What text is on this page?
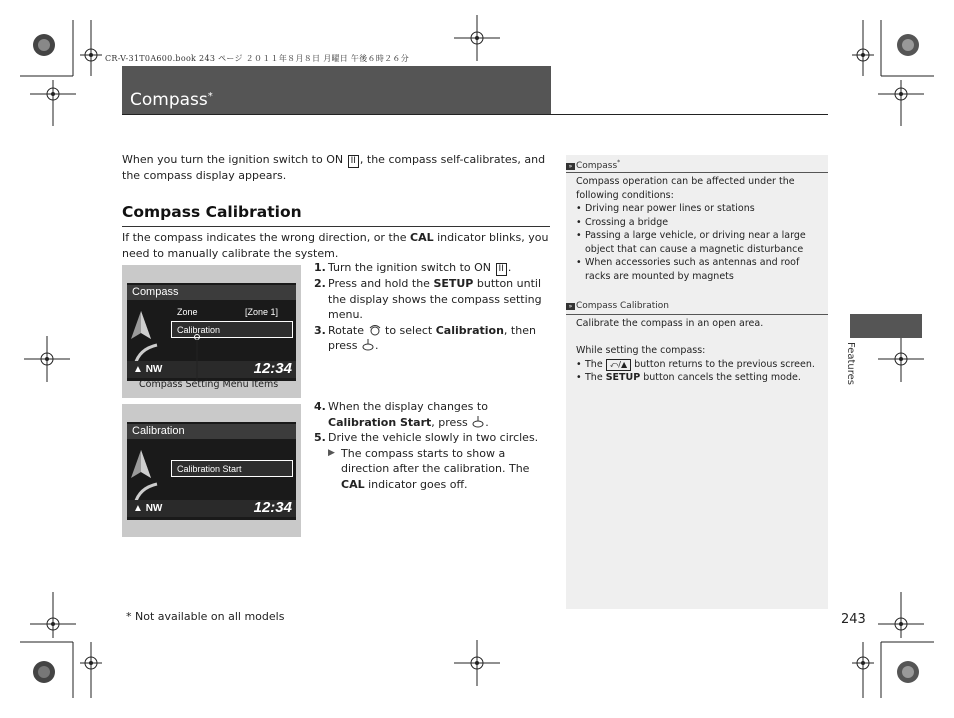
CR-V-31T0A600.book 243 ページ ２０１１年８月８日 月曜日 午後６時２６分
Compass*
When you turn the ignition switch to ON II , the compass self-calibrates, and the compass display appears.
Compass Calibration
If the compass indicates the wrong direction, or the CAL indicator blinks, you need to manually calibrate the system.
Compass
Zone	[Zone 1]
Calibration
▲ NW	12:34
Compass Setting Menu Items
Calibration
Calibration Start
▲ NW	12:34
1. Turn the ignition switch to ON II .
2. Press and hold the SETUP button until the display shows the compass setting menu.
3. Rotate  to select Calibration, then press .
4. When the display changes to Calibration Start, press .
5. Drive the vehicle slowly in two circles.
▶ The compass starts to show a direction after the calibration. The CAL indicator goes off.
» Compass*
Compass operation can be affected under the following conditions:
• Driving near power lines or stations
• Crossing a bridge
• Passing a large vehicle, or driving near a large object that can cause a magnetic disturbance
• When accessories such as antennas and roof racks are mounted by magnets
» Compass Calibration
Calibrate the compass in an open area.
While setting the compass:
• The ⤺/▲ button returns to the previous screen.
• The SETUP button cancels the setting mode.	Features
* Not available on all models	243
